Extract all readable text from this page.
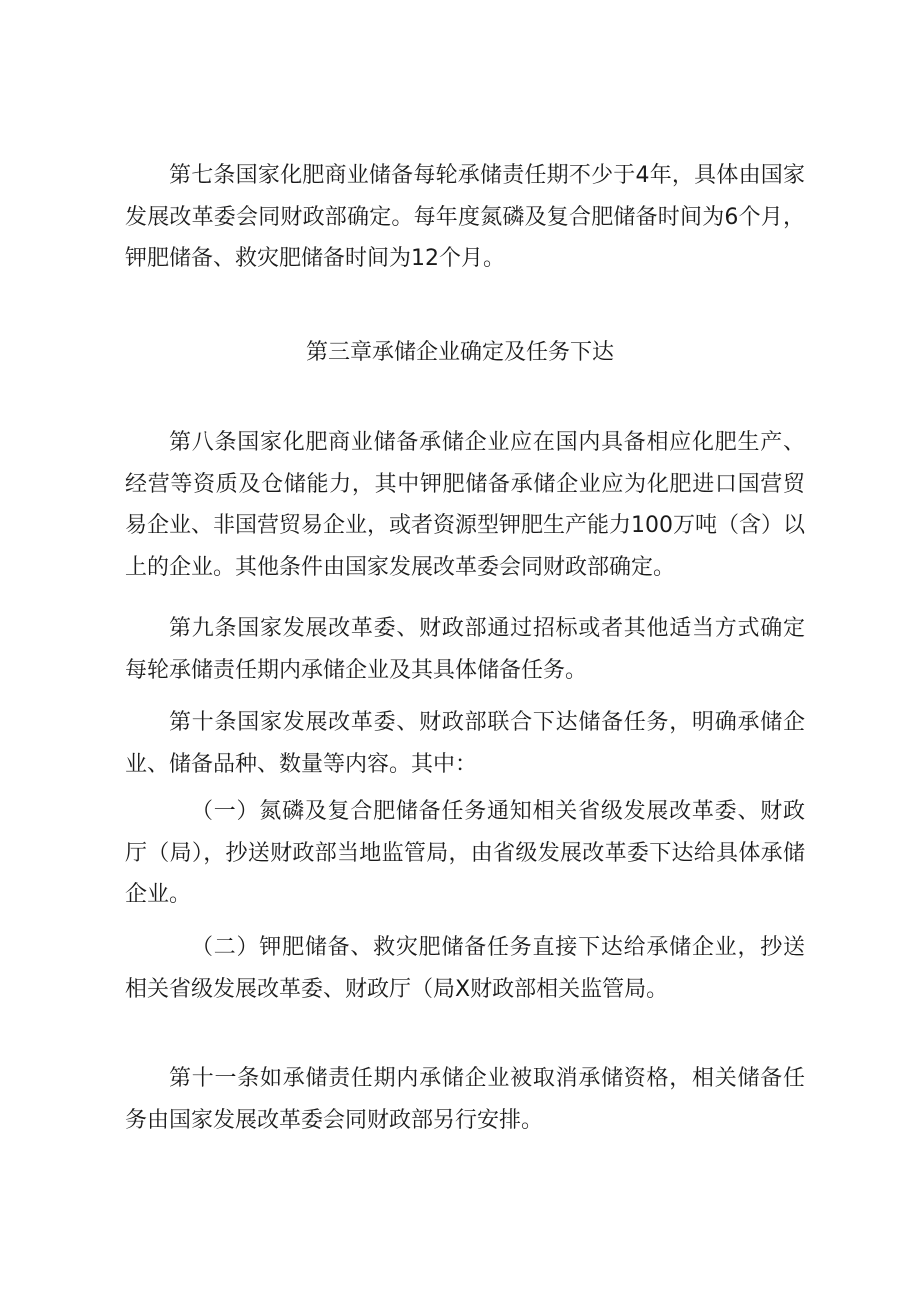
第七条国家化肥商业储备每轮承储责任期不少于4年，具体由国家发展改革委会同财政部确定。每年度氮磷及复合肥储备时间为6个月，钾肥储备、救灾肥储备时间为12个月。

第三章承储企业确定及任务下达

第八条国家化肥商业储备承储企业应在国内具备相应化肥生产、经营等资质及仓储能力，其中钾肥储备承储企业应为化肥进口国营贸易企业、非国营贸易企业，或者资源型钾肥生产能力100万吨（含）以上的企业。其他条件由国家发展改革委会同财政部确定。

第九条国家发展改革委、财政部通过招标或者其他适当方式确定每轮承储责任期内承储企业及其具体储备任务。

第十条国家发展改革委、财政部联合下达储备任务，明确承储企业、储备品种、数量等内容。其中：

（一）氮磷及复合肥储备任务通知相关省级发展改革委、财政厅（局），抄送财政部当地监管局，由省级发展改革委下达给具体承储企业。

（二）钾肥储备、救灾肥储备任务直接下达给承储企业，抄送相关省级发展改革委、财政厅（局X财政部相关监管局。

第十一条如承储责任期内承储企业被取消承储资格，相关储备任务由国家发展改革委会同财政部另行安排。
